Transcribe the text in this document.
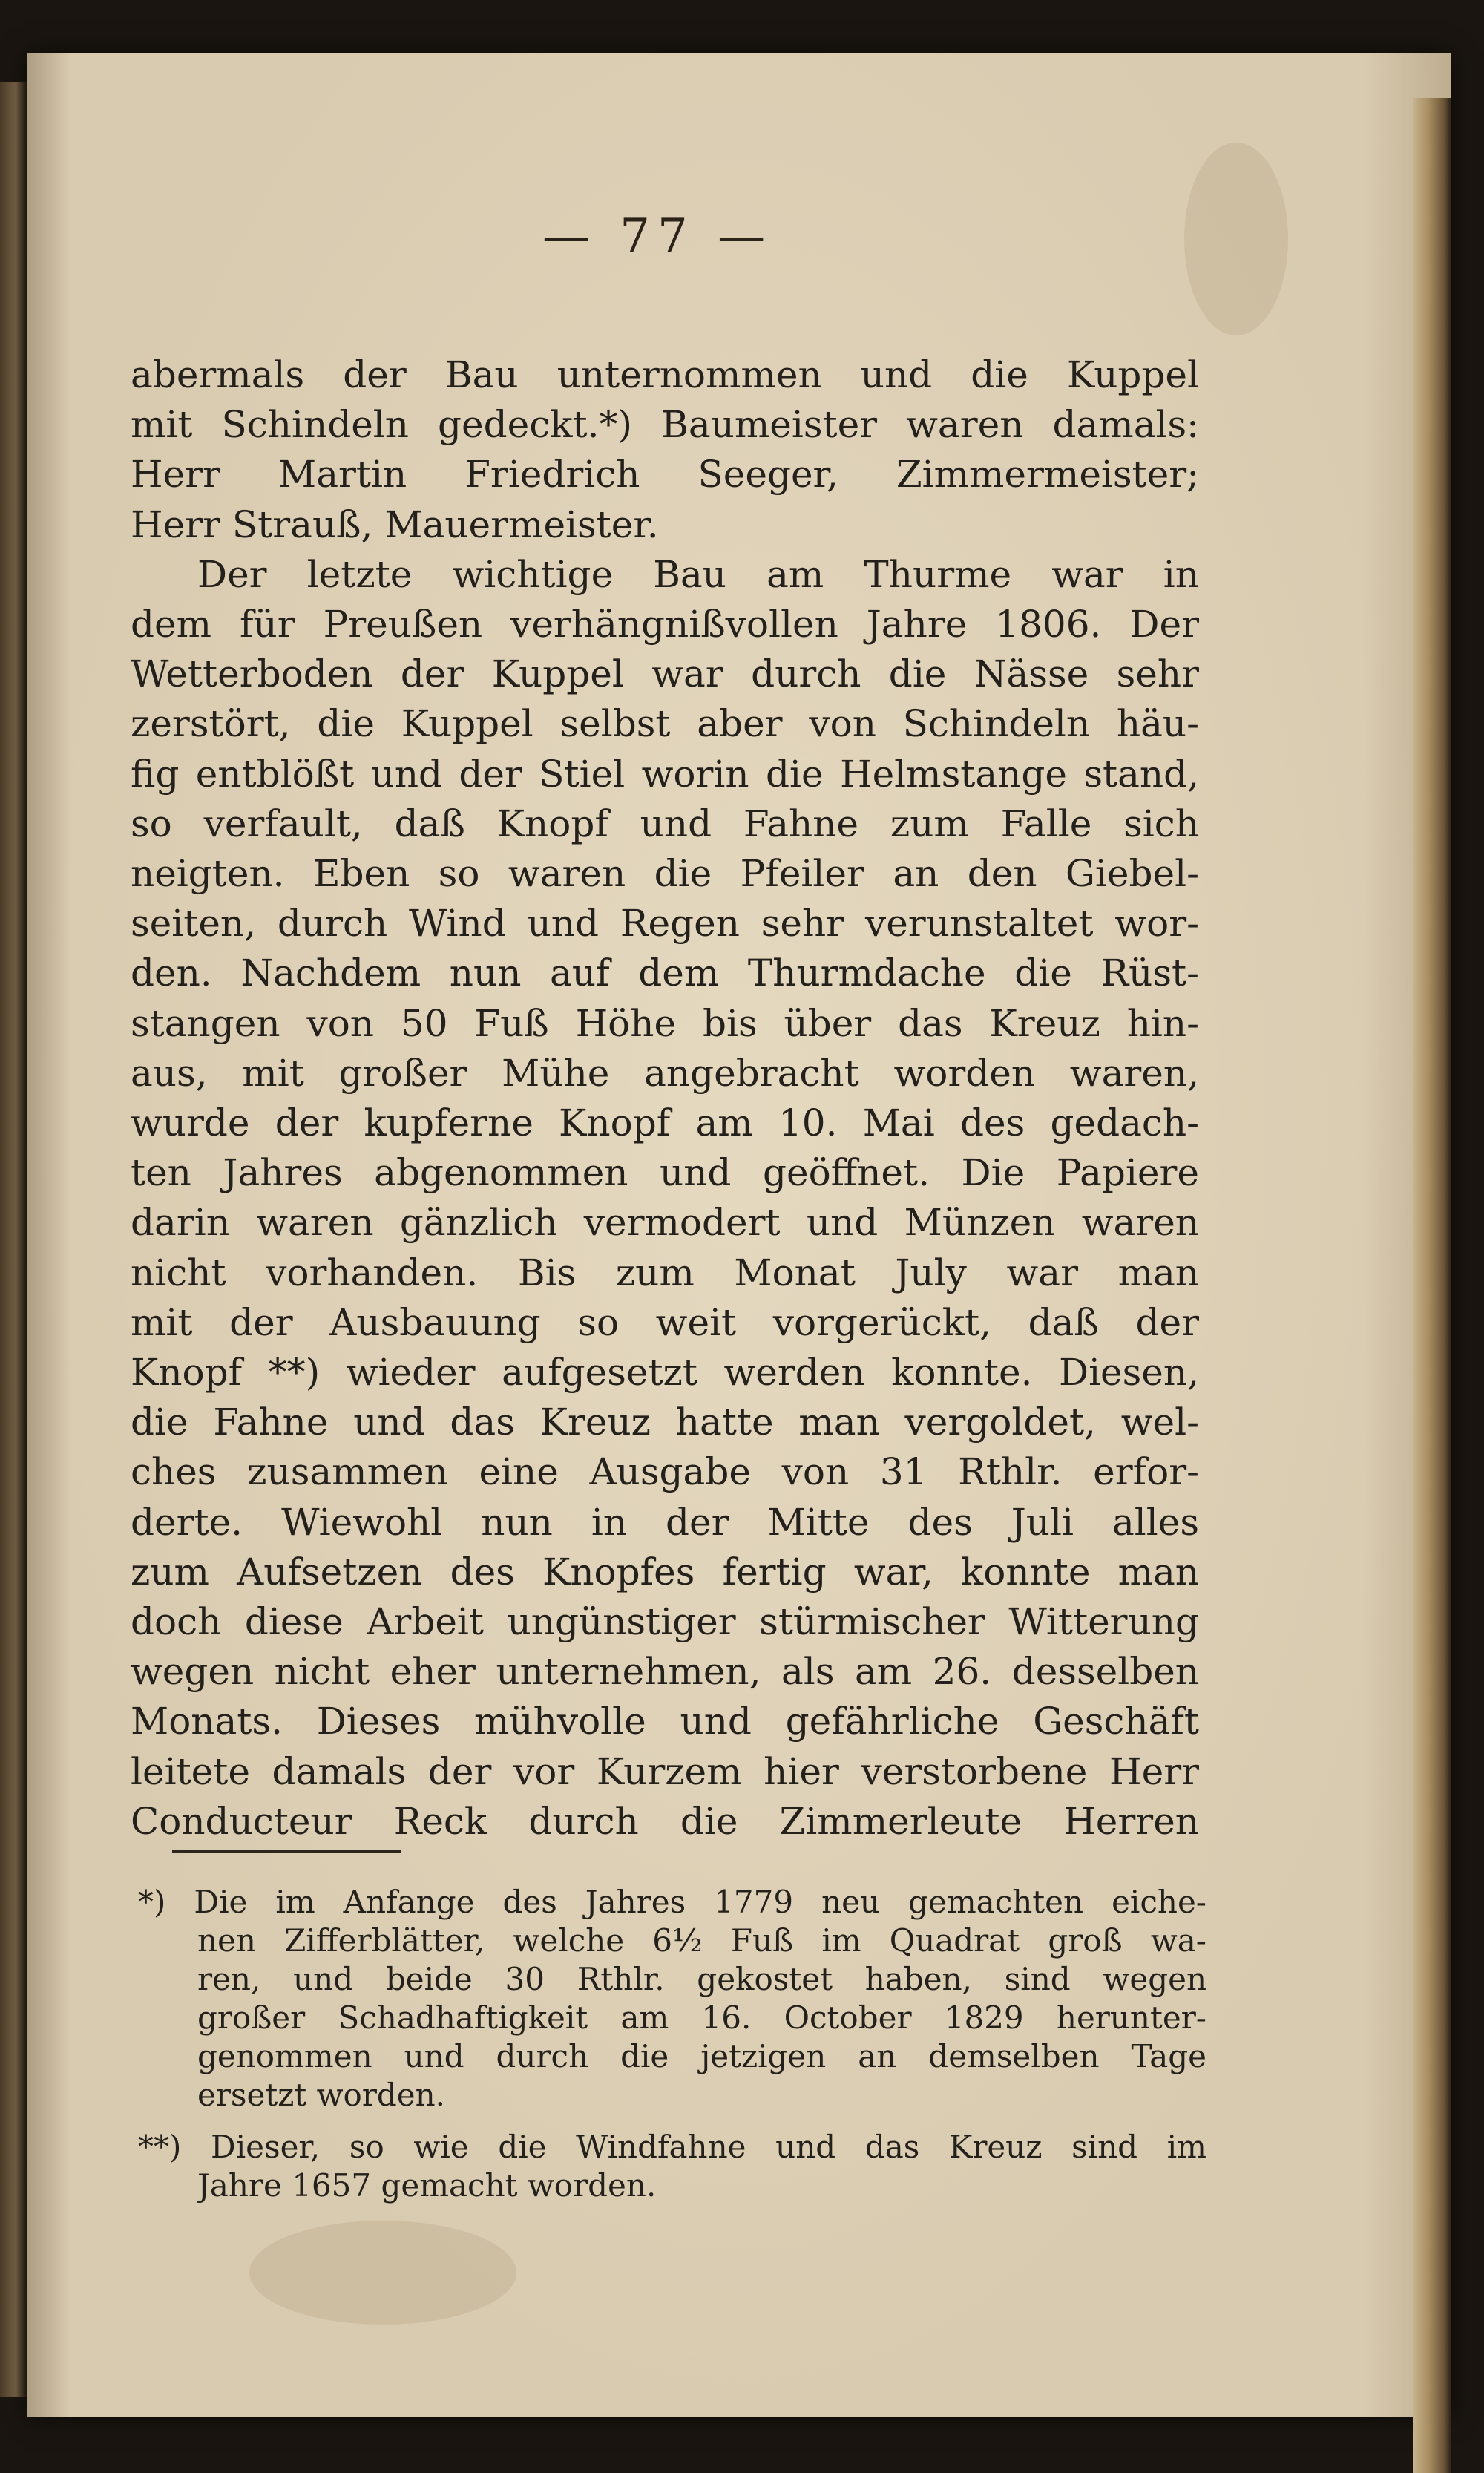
— 77 —
abermals der Bau unternommen und die Kuppel
mit Schindeln gedeckt.*) Baumeister waren damals:
Herr Martin Friedrich Seeger, Zimmermeister;
Herr Strauß, Mauermeister.
Der letzte wichtige Bau am Thurme war in
dem für Preußen verhängnißvollen Jahre 1806. Der
Wetterboden der Kuppel war durch die Nässe sehr
zerstört, die Kuppel selbst aber von Schindeln häu-
fig entblößt und der Stiel worin die Helmstange stand,
so verfault, daß Knopf und Fahne zum Falle sich
neigten. Eben so waren die Pfeiler an den Giebel-
seiten, durch Wind und Regen sehr verunstaltet wor-
den. Nachdem nun auf dem Thurmdache die Rüst-
stangen von 50 Fuß Höhe bis über das Kreuz hin-
aus, mit großer Mühe angebracht worden waren,
wurde der kupferne Knopf am 10. Mai des gedach-
ten Jahres abgenommen und geöffnet. Die Papiere
darin waren gänzlich vermodert und Münzen waren
nicht vorhanden. Bis zum Monat July war man
mit der Ausbauung so weit vorgerückt, daß der
Knopf **) wieder aufgesetzt werden konnte. Diesen,
die Fahne und das Kreuz hatte man vergoldet, wel-
ches zusammen eine Ausgabe von 31 Rthlr. erfor-
derte. Wiewohl nun in der Mitte des Juli alles
zum Aufsetzen des Knopfes fertig war, konnte man
doch diese Arbeit ungünstiger stürmischer Witterung
wegen nicht eher unternehmen, als am 26. desselben
Monats. Dieses mühvolle und gefährliche Geschäft
leitete damals der vor Kurzem hier verstorbene Herr
Conducteur Reck durch die Zimmerleute Herren
*) Die im Anfange des Jahres 1779 neu gemachten eiche-
nen Zifferblätter, welche 6½ Fuß im Quadrat groß wa-
ren, und beide 30 Rthlr. gekostet haben, sind wegen
großer Schadhaftigkeit am 16. October 1829 herunter-
genommen und durch die jetzigen an demselben Tage
ersetzt worden.
**) Dieser, so wie die Windfahne und das Kreuz sind im
Jahre 1657 gemacht worden.
